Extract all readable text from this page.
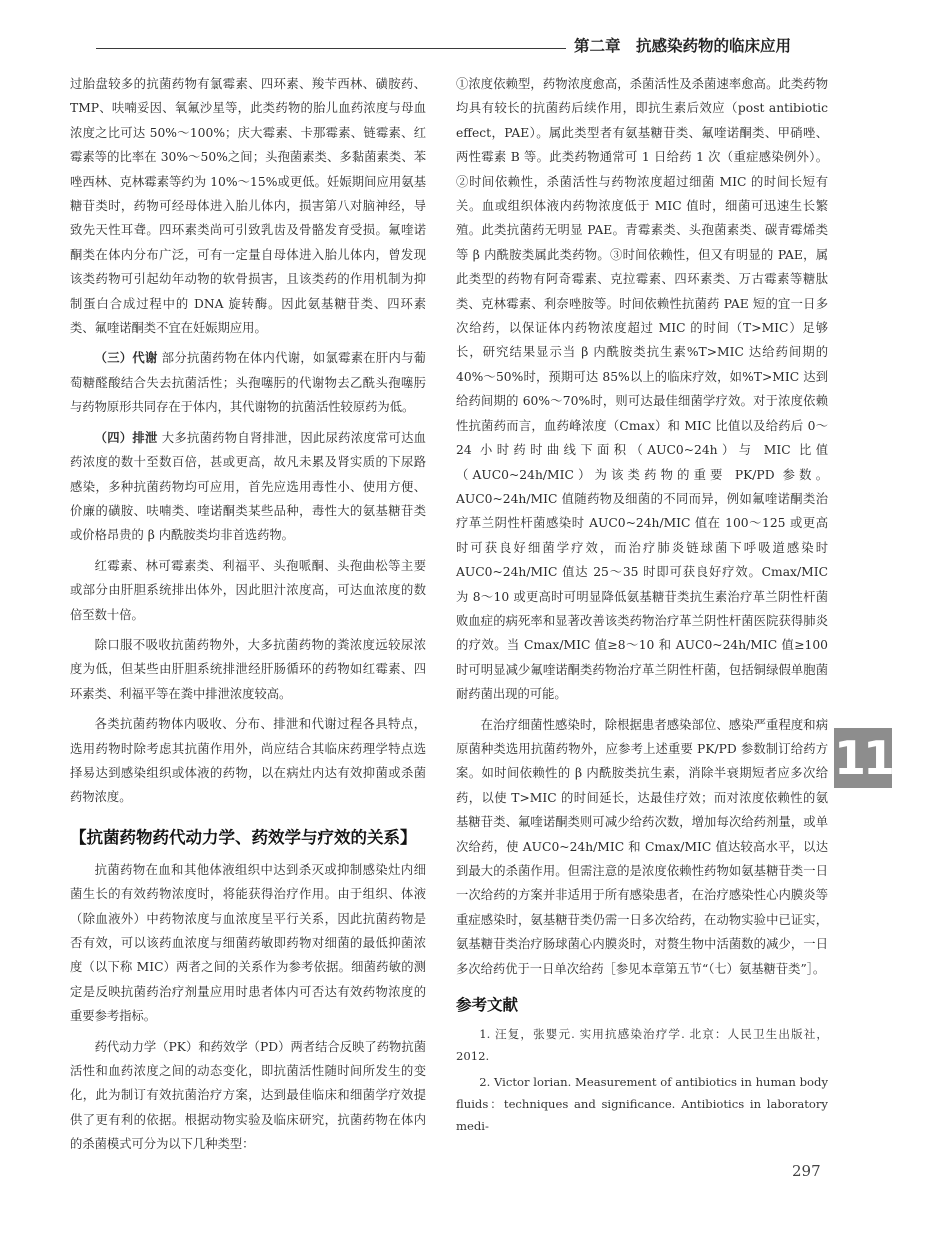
第二章　抗感染药物的临床应用

过胎盘较多的抗菌药物有氯霉素、四环素、羧苄西林、磺胺药、TMP、呋喃妥因、氧氟沙星等，此类药物的胎儿血药浓度与母血浓度之比可达 50%～100%；庆大霉素、卡那霉素、链霉素、红霉素等的比率在 30%～50%之间；头孢菌素类、多黏菌素类、苯唑西林、克林霉素等约为 10%～15%或更低。妊娠期间应用氨基糖苷类时，药物可经母体进入胎儿体内，损害第八对脑神经，导致先天性耳聋。四环素类尚可引致乳齿及骨骼发育受损。氟喹诺酮类在体内分布广泛，可有一定量自母体进入胎儿体内，曾发现该类药物可引起幼年动物的软骨损害，且该类药的作用机制为抑制蛋白合成过程中的 DNA 旋转酶。因此氨基糖苷类、四环素类、氟喹诺酮类不宜在妊娠期应用。

（三）代谢 部分抗菌药物在体内代谢，如氯霉素在肝内与葡萄糖醛酸结合失去抗菌活性；头孢噻肟的代谢物去乙酰头孢噻肟与药物原形共同存在于体内，其代谢物的抗菌活性较原药为低。

（四）排泄 大多抗菌药物自肾排泄，因此尿药浓度常可达血药浓度的数十至数百倍，甚或更高，故凡未累及肾实质的下尿路感染，多种抗菌药物均可应用，首先应选用毒性小、使用方便、价廉的磺胺、呋喃类、喹诺酮类某些品种，毒性大的氨基糖苷类或价格昂贵的 β 内酰胺类均非首选药物。

红霉素、林可霉素类、利福平、头孢哌酮、头孢曲松等主要或部分由肝胆系统排出体外，因此胆汁浓度高，可达血浓度的数倍至数十倍。

除口服不吸收抗菌药物外，大多抗菌药物的粪浓度远较尿浓度为低，但某些由肝胆系统排泄经肝肠循环的药物如红霉素、四环素类、利福平等在粪中排泄浓度较高。

各类抗菌药物体内吸收、分布、排泄和代谢过程各具特点，选用药物时除考虑其抗菌作用外，尚应结合其临床药理学特点选择易达到感染组织或体液的药物，以在病灶内达有效抑菌或杀菌药物浓度。

【抗菌药物药代动力学、药效学与疗效的关系】

抗菌药物在血和其他体液组织中达到杀灭或抑制感染灶内细菌生长的有效药物浓度时，将能获得治疗作用。由于组织、体液（除血液外）中药物浓度与血浓度呈平行关系，因此抗菌药物是否有效，可以该药血浓度与细菌药敏即药物对细菌的最低抑菌浓度（以下称 MIC）两者之间的关系作为参考依据。细菌药敏的测定是反映抗菌药治疗剂量应用时患者体内可否达有效药物浓度的重要参考指标。

药代动力学（PK）和药效学（PD）两者结合反映了药物抗菌活性和血药浓度之间的动态变化，即抗菌活性随时间所发生的变化，此为制订有效抗菌治疗方案，达到最佳临床和细菌学疗效提供了更有利的依据。根据动物实验及临床研究，抗菌药物在体内的杀菌模式可分为以下几种类型：

①浓度依赖型，药物浓度愈高，杀菌活性及杀菌速率愈高。此类药物均具有较长的抗菌药后续作用，即抗生素后效应（post antibiotic effect，PAE）。属此类型者有氨基糖苷类、氟喹诺酮类、甲硝唑、两性霉素 B 等。此类药物通常可 1 日给药 1 次（重症感染例外）。②时间依赖性，杀菌活性与药物浓度超过细菌 MIC 的时间长短有关。血或组织体液内药物浓度低于 MIC 值时，细菌可迅速生长繁殖。此类抗菌药无明显 PAE。青霉素类、头孢菌素类、碳青霉烯类等 β 内酰胺类属此类药物。③时间依赖性，但又有明显的 PAE，属此类型的药物有阿奇霉素、克拉霉素、四环素类、万古霉素等糖肽类、克林霉素、利奈唑胺等。时间依赖性抗菌药 PAE 短的宜一日多次给药，以保证体内药物浓度超过 MIC 的时间（T>MIC）足够长，研究结果显示当 β 内酰胺类抗生素%T>MIC 达给药间期的 40%～50%时，预期可达 85%以上的临床疗效，如%T>MIC 达到给药间期的 60%～70%时，则可达最佳细菌学疗效。对于浓度依赖性抗菌药而言，血药峰浓度（Cmax）和 MIC 比值以及给药后 0～24 小时药时曲线下面积（AUC0~24h）与 MIC 比值（AUC0~24h/MIC）为该类药物的重要 PK/PD 参数。AUC0~24h/MIC 值随药物及细菌的不同而异，例如氟喹诺酮类治疗革兰阴性杆菌感染时 AUC0~24h/MIC 值在 100～125 或更高时可获良好细菌学疗效，而治疗肺炎链球菌下呼吸道感染时 AUC0~24h/MIC 值达 25～35 时即可获良好疗效。Cmax/MIC 为 8～10 或更高时可明显降低氨基糖苷类抗生素治疗革兰阴性杆菌败血症的病死率和显著改善该类药物治疗革兰阴性杆菌医院获得肺炎的疗效。当 Cmax/MIC 值≥8～10 和 AUC0~24h/MIC 值≥100 时可明显减少氟喹诺酮类药物治疗革兰阴性杆菌，包括铜绿假单胞菌耐药菌出现的可能。

在治疗细菌性感染时，除根据患者感染部位、感染严重程度和病原菌种类选用抗菌药物外，应参考上述重要 PK/PD 参数制订给药方案。如时间依赖性的 β 内酰胺类抗生素，消除半衰期短者应多次给药，以使 T>MIC 的时间延长，达最佳疗效；而对浓度依赖性的氨基糖苷类、氟喹诺酮类则可减少给药次数，增加每次给药剂量，或单次给药，使 AUC0~24h/MIC 和 Cmax/MIC 值达较高水平，以达到最大的杀菌作用。但需注意的是浓度依赖性药物如氨基糖苷类一日一次给药的方案并非适用于所有感染患者，在治疗感染性心内膜炎等重症感染时，氨基糖苷类仍需一日多次给药，在动物实验中已证实，氨基糖苷类治疗肠球菌心内膜炎时，对赘生物中活菌数的减少，一日多次给药优于一日单次给药［参见本章第五节“（七）氨基糖苷类”］。

参考文献

1. 汪复，张婴元. 实用抗感染治疗学. 北京：人民卫生出版社，2012.

2. Victor lorian. Measurement of antibiotics in human body fluids：techniques and significance. Antibiotics in laboratory medi-

11
297
